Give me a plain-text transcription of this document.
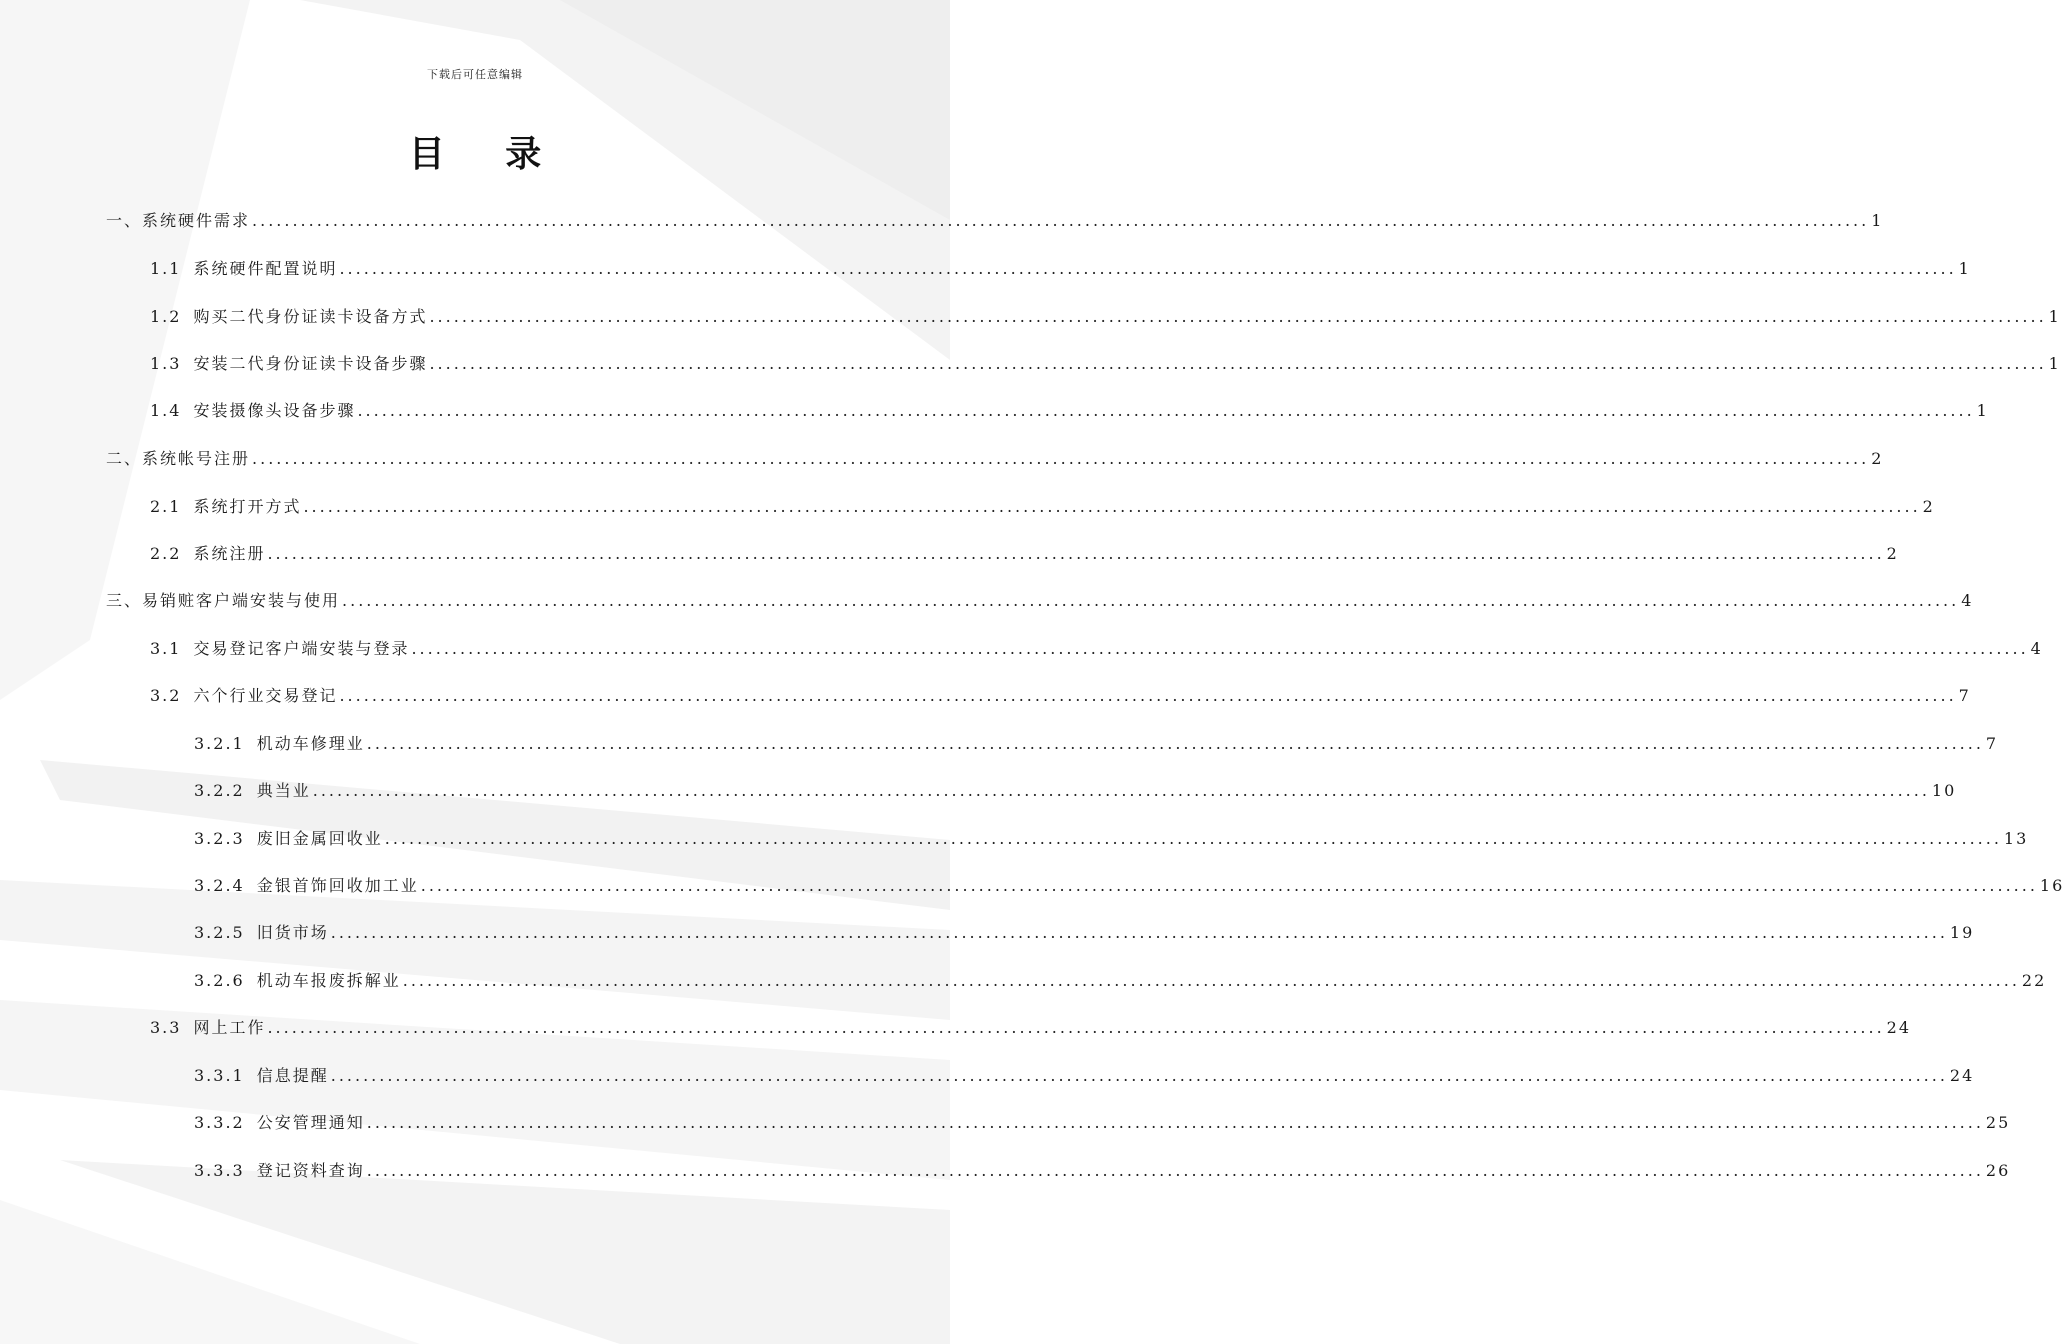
下载后可任意编辑
目 录
一、 系统硬件需求 ........................................................................................................................................................................................................ 1
1.1 系统硬件配置说明 ........................................................................................................................................................................................................ 1
1.2 购买二代身份证读卡设备方式 ........................................................................................................................................................................................................ 1
1.3 安装二代身份证读卡设备步骤 ........................................................................................................................................................................................................ 1
1.4 安装摄像头设备步骤 ........................................................................................................................................................................................................ 1
二、 系统帐号注册 ........................................................................................................................................................................................................ 2
2.1 系统打开方式 ........................................................................................................................................................................................................ 2
2.2 系统注册 ........................................................................................................................................................................................................ 2
三、 易销赃客户端安装与使用 ........................................................................................................................................................................................................ 4
3.1 交易登记客户端安装与登录 ........................................................................................................................................................................................................ 4
3.2 六个行业交易登记 ........................................................................................................................................................................................................ 7
3.2.1 机动车修理业 ........................................................................................................................................................................................................ 7
3.2.2 典当业 ........................................................................................................................................................................................................ 10
3.2.3 废旧金属回收业 ........................................................................................................................................................................................................ 13
3.2.4 金银首饰回收加工业 ........................................................................................................................................................................................................ 16
3.2.5 旧货市场 ........................................................................................................................................................................................................ 19
3.2.6 机动车报废拆解业 ........................................................................................................................................................................................................ 22
3.3 网上工作 ........................................................................................................................................................................................................ 24
3.3.1 信息提醒 ........................................................................................................................................................................................................ 24
3.3.2 公安管理通知 ........................................................................................................................................................................................................ 25
3.3.3 登记资料查询 ........................................................................................................................................................................................................ 26
